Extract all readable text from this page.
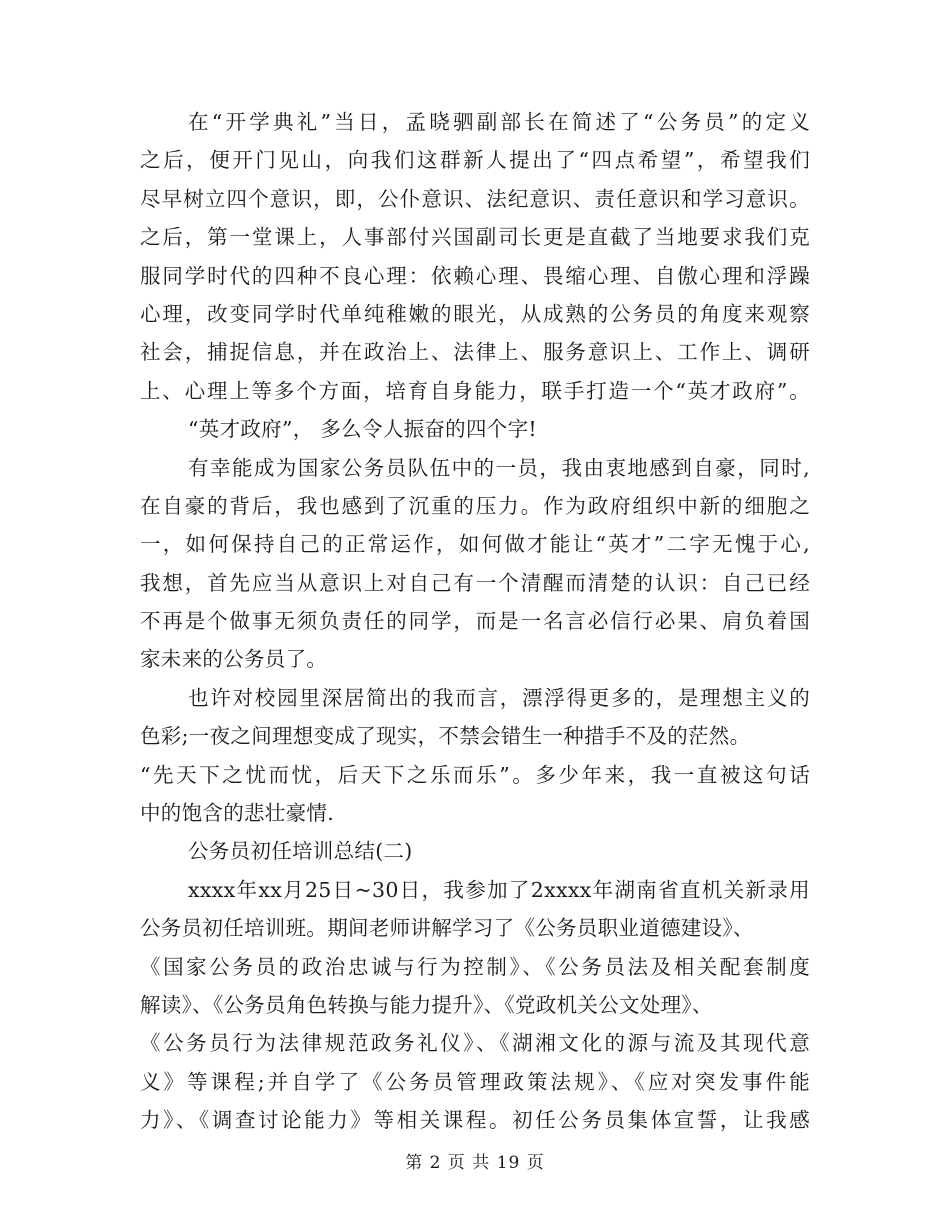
在“开学典礼”当日，孟晓驷副部长在简述了“公务员”的定义
之后，便开门见山，向我们这群新人提出了“四点希望”，希望我们
尽早树立四个意识，即，公仆意识、法纪意识、责任意识和学习意识。
之后，第一堂课上，人事部付兴国副司长更是直截了当地要求我们克
服同学时代的四种不良心理：依赖心理、畏缩心理、自傲心理和浮躁
心理，改变同学时代单纯稚嫩的眼光，从成熟的公务员的角度来观察
社会，捕捉信息，并在政治上、法律上、服务意识上、工作上、调研
上、心理上等多个方面，培育自身能力，联手打造一个“英才政府”。
“英才政府”， 多么令人振奋的四个字!
有幸能成为国家公务员队伍中的一员，我由衷地感到自豪，同时,
在自豪的背后，我也感到了沉重的压力。作为政府组织中新的细胞之
一，如何保持自己的正常运作，如何做才能让“英才”二字无愧于心,
我想，首先应当从意识上对自己有一个清醒而清楚的认识：自己已经
不再是个做事无须负责任的同学，而是一名言必信行必果、肩负着国
家未来的公务员了。
也许对校园里深居简出的我而言，漂浮得更多的，是理想主义的
色彩;一夜之间理想变成了现实，不禁会错生一种措手不及的茫然。
“先天下之忧而忧，后天下之乐而乐”。多少年来，我一直被这句话
中的饱含的悲壮豪情.
公务员初任培训总结(二)
xxxx年xx月25日~30日，我参加了2xxxx年湖南省直机关新录用
公务员初任培训班。期间老师讲解学习了《公务员职业道德建设》、
《国家公务员的政治忠诚与行为控制》、《公务员法及相关配套制度
解读》、《公务员角色转换与能力提升》、《党政机关公文处理》、
《公务员行为法律规范政务礼仪》、《湖湘文化的源与流及其现代意
义》等课程;并自学了《公务员管理政策法规》、《应对突发事件能
力》、《调查讨论能力》等相关课程。初任公务员集体宣誓，让我感
第 2 页 共 19 页
